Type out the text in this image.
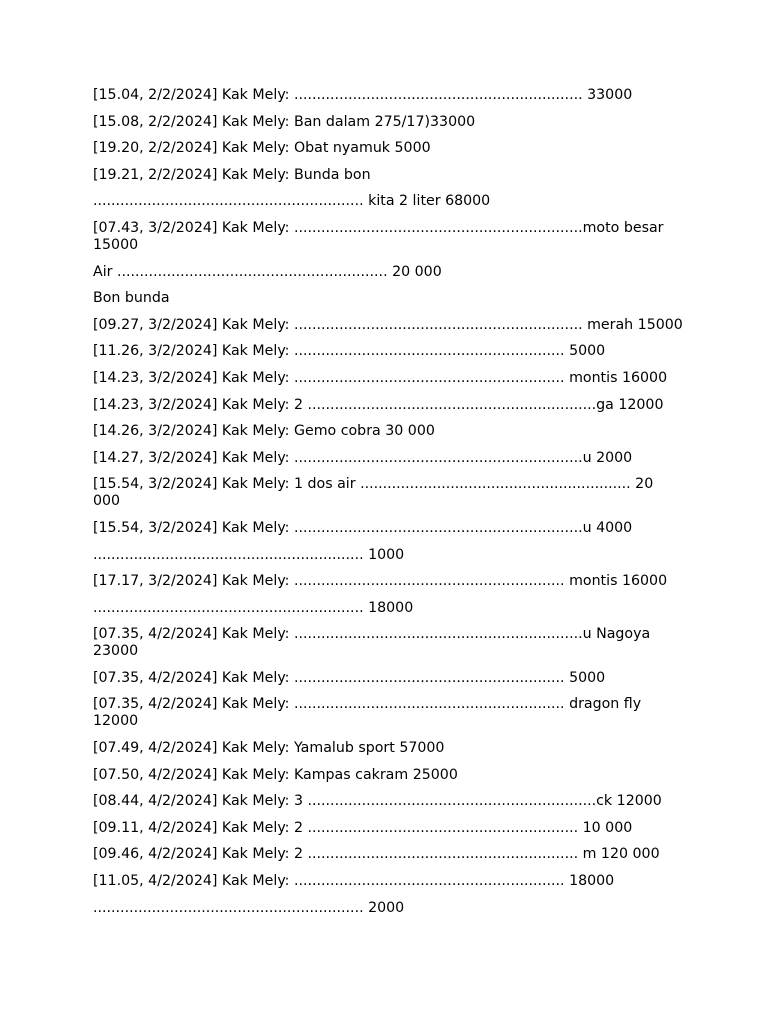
[15.04, 2/2/2024] Kak Mely: ................................................................ 33000

[15.08, 2/2/2024] Kak Mely: Ban dalam 275/17)33000

[19.20, 2/2/2024] Kak Mely: Obat nyamuk 5000

[19.21, 2/2/2024] Kak Mely: Bunda bon

............................................................ kita 2 liter 68000

[07.43, 3/2/2024] Kak Mely: ................................................................moto besar 15000

Air ............................................................ 20 000

Bon bunda

[09.27, 3/2/2024] Kak Mely: ................................................................ merah 15000

[11.26, 3/2/2024] Kak Mely: ............................................................ 5000

[14.23, 3/2/2024] Kak Mely: ............................................................ montis 16000

[14.23, 3/2/2024] Kak Mely: 2 ................................................................ga 12000

[14.26, 3/2/2024] Kak Mely: Gemo cobra 30 000

[14.27, 3/2/2024] Kak Mely: ................................................................u 2000

[15.54, 3/2/2024] Kak Mely: 1 dos air ............................................................ 20 000

[15.54, 3/2/2024] Kak Mely: ................................................................u 4000

............................................................ 1000

[17.17, 3/2/2024] Kak Mely: ............................................................ montis 16000

............................................................ 18000

[07.35, 4/2/2024] Kak Mely: ................................................................u Nagoya 23000

[07.35, 4/2/2024] Kak Mely: ............................................................ 5000

[07.35, 4/2/2024] Kak Mely: ............................................................ dragon fly 12000

[07.49, 4/2/2024] Kak Mely: Yamalub sport 57000

[07.50, 4/2/2024] Kak Mely: Kampas cakram 25000

[08.44, 4/2/2024] Kak Mely: 3 ................................................................ck 12000

[09.11, 4/2/2024] Kak Mely: 2 ............................................................ 10 000

[09.46, 4/2/2024] Kak Mely: 2 ............................................................ m 120 000

[11.05, 4/2/2024] Kak Mely: ............................................................ 18000

............................................................ 2000
